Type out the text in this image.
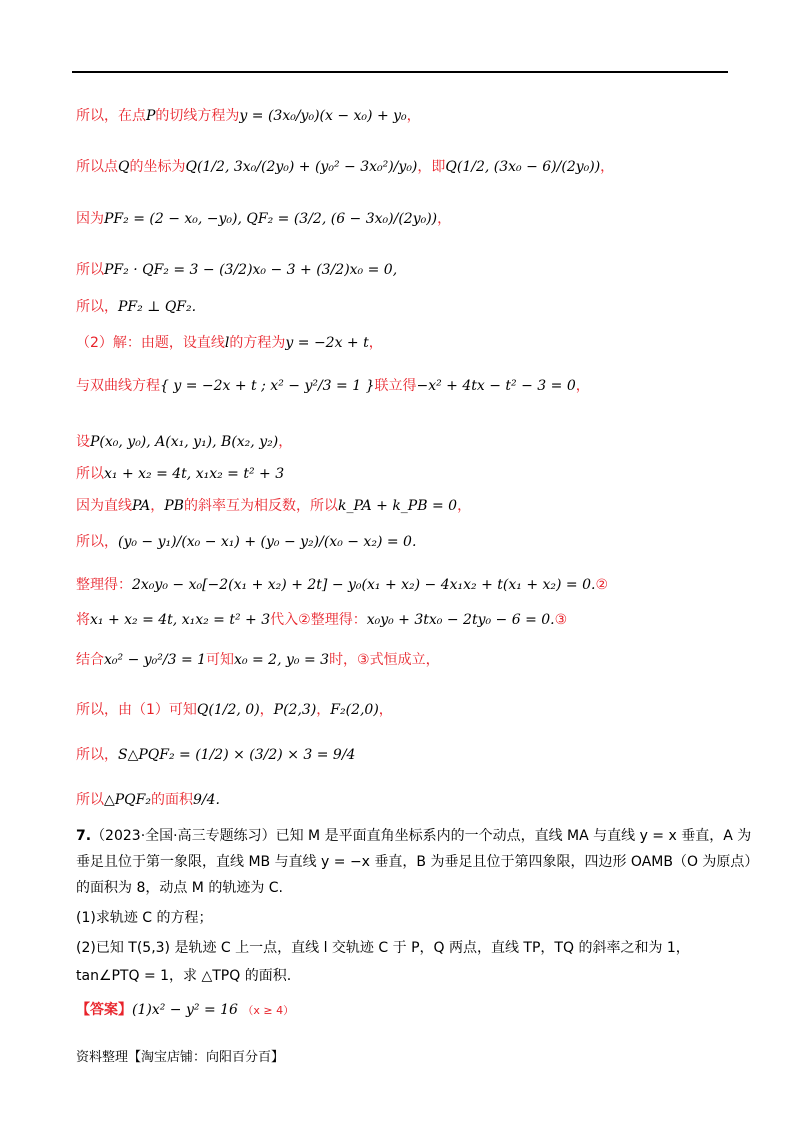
所以，在点P的切线方程为y = (3x₀/y₀)(x − x₀) + y₀，
所以点Q的坐标为Q(1/2, 3x₀/(2y₀) + (y₀² − 3x₀²)/y₀)，即Q(1/2, (3x₀ − 6)/(2y₀))，
因为PF₂ = (2 − x₀, −y₀), QF₂ = (3/2, (6 − 3x₀)/(2y₀))，
所以PF₂ · QF₂ = 3 − (3/2)x₀ − 3 + (3/2)x₀ = 0,
所以，PF₂ ⊥ QF₂.
（2）解：由题，设直线l的方程为y = −2x + t，
与双曲线方程{ y = −2x + t ; x² − y²/3 = 1 }联立得−x² + 4tx − t² − 3 = 0，
设P(x₀, y₀), A(x₁, y₁), B(x₂, y₂)，
所以x₁ + x₂ = 4t, x₁x₂ = t² + 3
因为直线PA，PB的斜率互为相反数，所以k_PA + k_PB = 0，
所以，(y₀ − y₁)/(x₀ − x₁) + (y₀ − y₂)/(x₀ − x₂) = 0.
整理得：2x₀y₀ − x₀[−2(x₁ + x₂) + 2t] − y₀(x₁ + x₂) − 4x₁x₂ + t(x₁ + x₂) = 0.②
将x₁ + x₂ = 4t, x₁x₂ = t² + 3代入②整理得：x₀y₀ + 3tx₀ − 2ty₀ − 6 = 0.③
结合x₀² − y₀²/3 = 1可知x₀ = 2, y₀ = 3时，③式恒成立，
所以，由（1）可知Q(1/2, 0)，P(2,3)，F₂(2,0)，
所以，S△PQF₂ = (1/2) × (3/2) × 3 = 9/4
所以△PQF₂的面积9/4.
7.（2023·全国·高三专题练习）已知 M 是平面直角坐标系内的一个动点，直线 MA 与直线 y = x 垂直，A 为
垂足且位于第一象限，直线 MB 与直线 y = −x 垂直，B 为垂足且位于第四象限，四边形 OAMB（O 为原点）
的面积为 8，动点 M 的轨迹为 C.
(1)求轨迹 C 的方程；
(2)已知 T(5,3) 是轨迹 C 上一点，直线 l 交轨迹 C 于 P，Q 两点，直线 TP，TQ 的斜率之和为 1，
tan∠PTQ = 1，求 △TPQ 的面积.
【答案】(1)x² − y² = 16 （x ≥ 4）
资料整理【淘宝店铺：向阳百分百】
